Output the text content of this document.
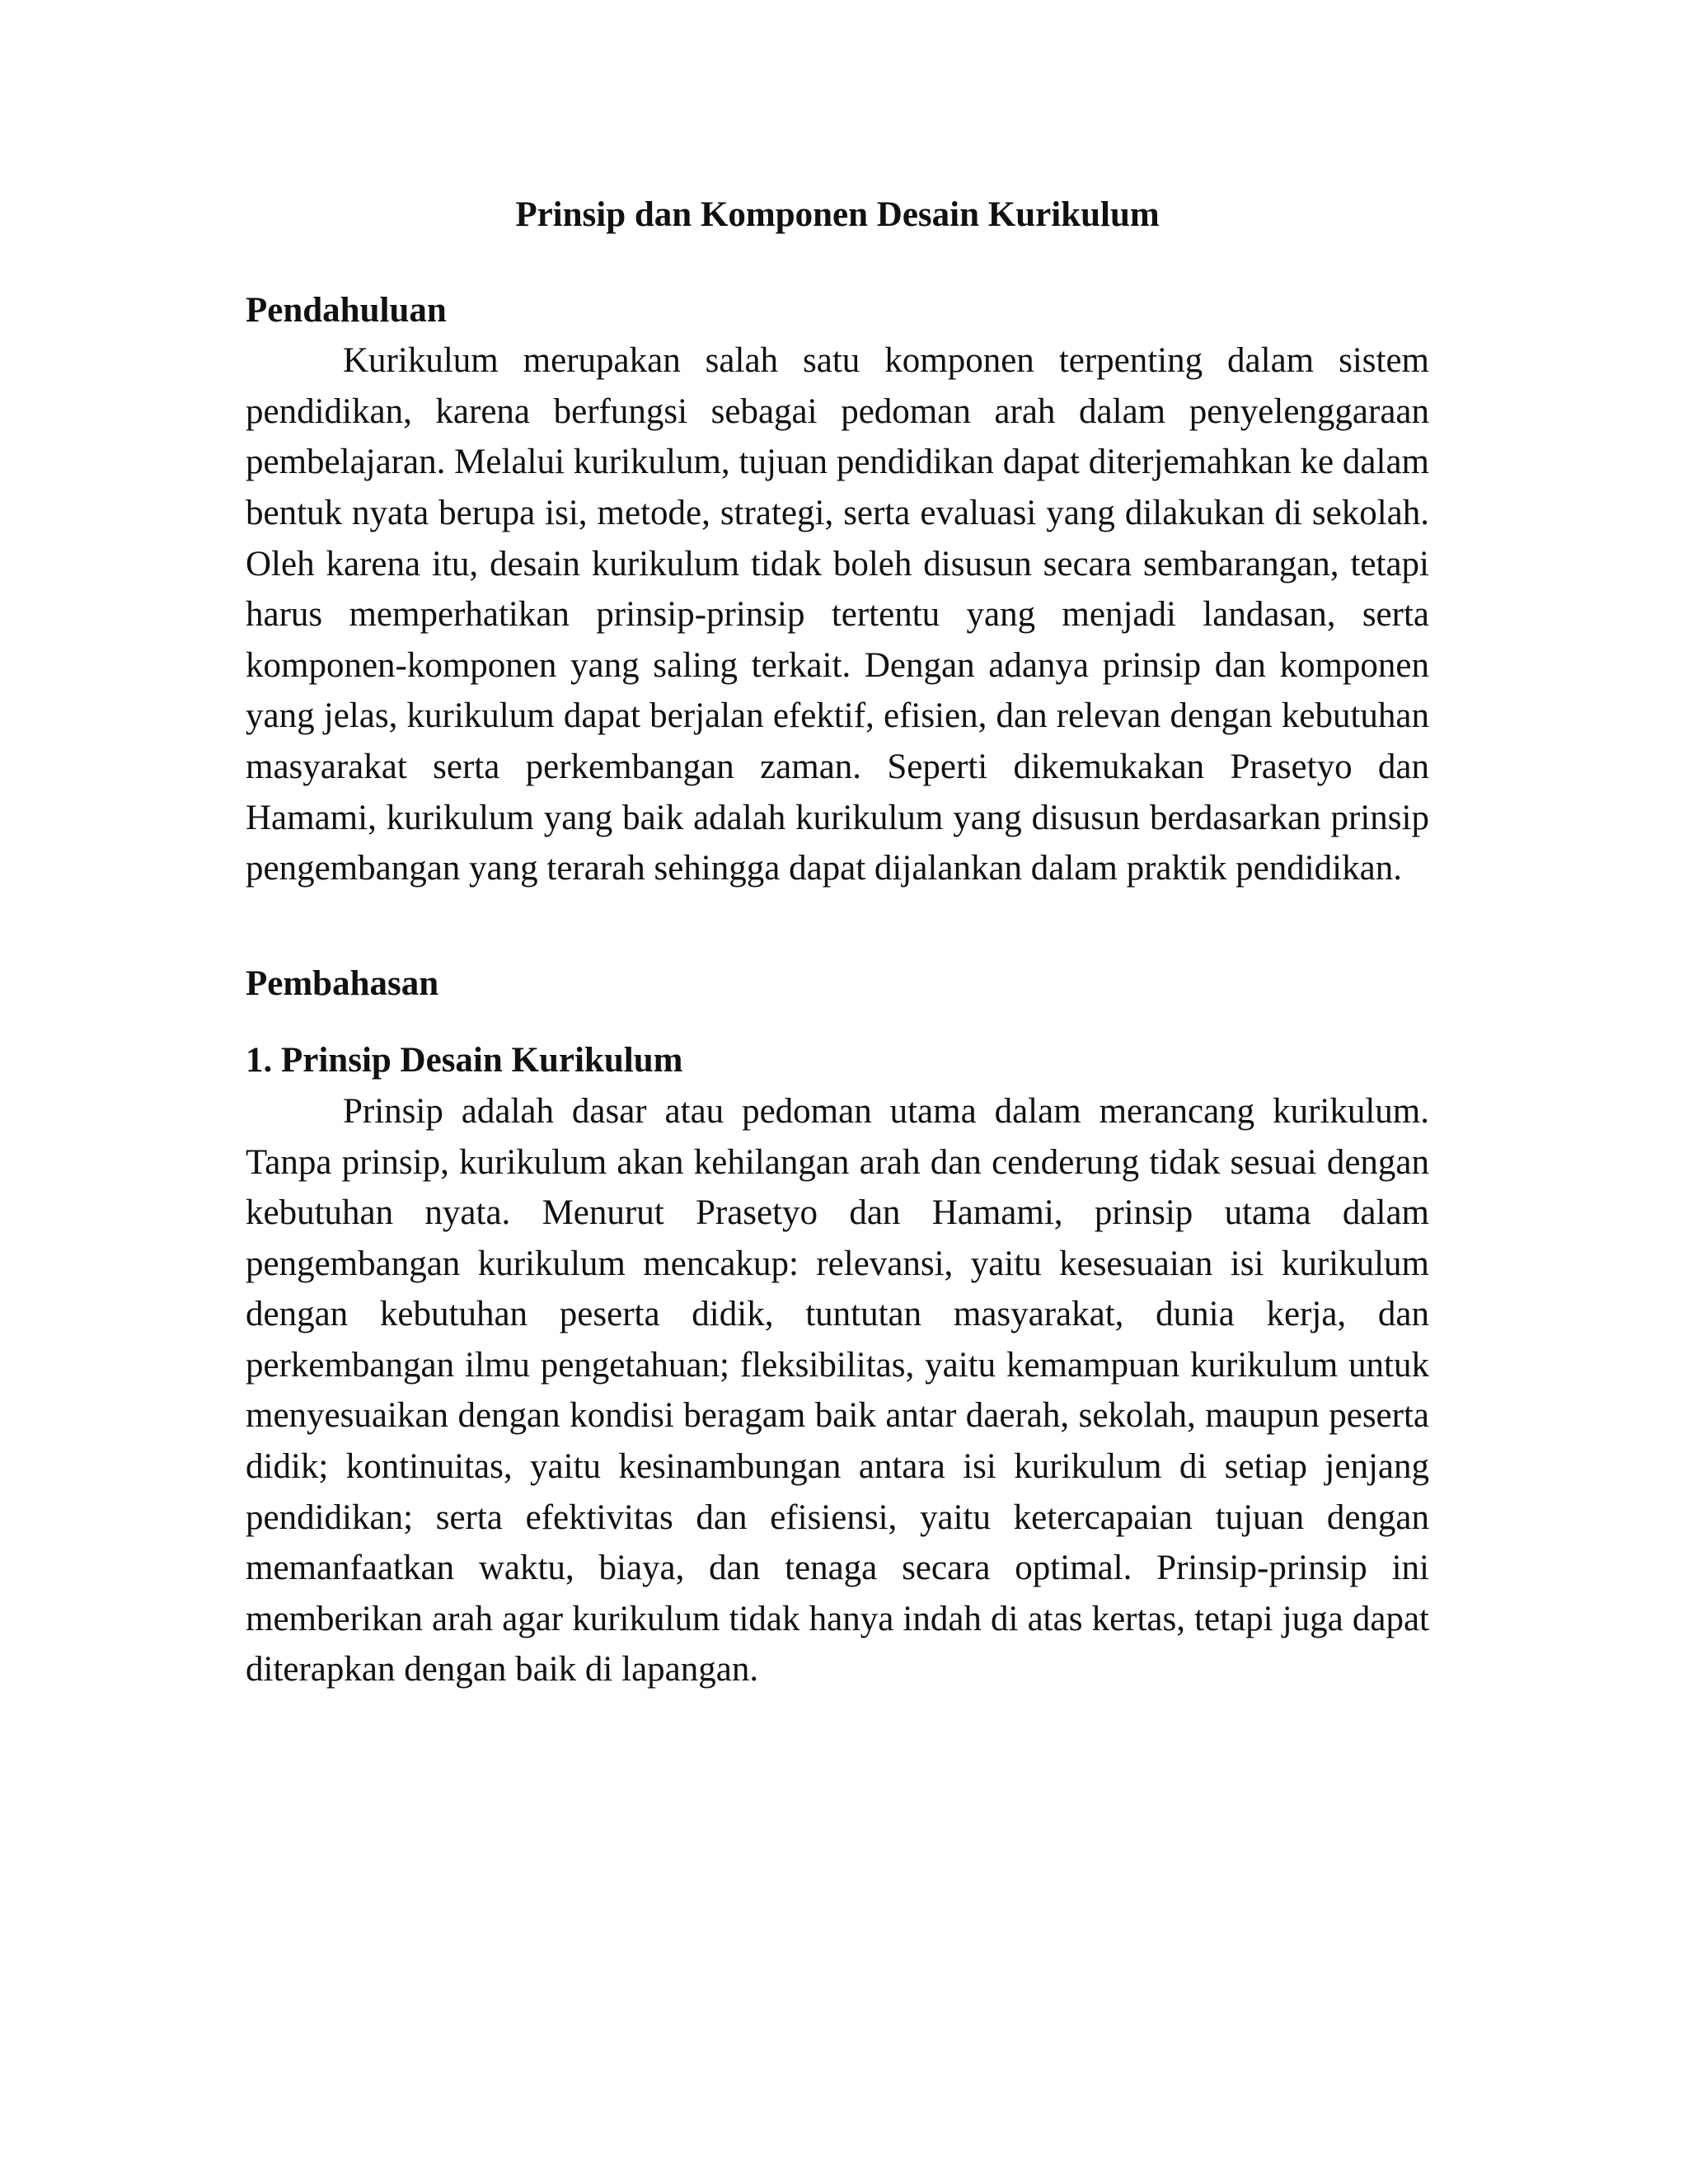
Prinsip dan Komponen Desain Kurikulum
Pendahuluan

Kurikulum merupakan salah satu komponen terpenting dalam sistem pendidikan, karena berfungsi sebagai pedoman arah dalam penyelenggaraan pembelajaran. Melalui kurikulum, tujuan pendidikan dapat diterjemahkan ke dalam bentuk nyata berupa isi, metode, strategi, serta evaluasi yang dilakukan di sekolah. Oleh karena itu, desain kurikulum tidak boleh disusun secara sembarangan, tetapi harus memperhatikan prinsip-prinsip tertentu yang menjadi landasan, serta komponen-komponen yang saling terkait. Dengan adanya prinsip dan komponen yang jelas, kurikulum dapat berjalan efektif, efisien, dan relevan dengan kebutuhan masyarakat serta perkembangan zaman. Seperti dikemukakan Prasetyo dan Hamami, kurikulum yang baik adalah kurikulum yang disusun berdasarkan prinsip pengembangan yang terarah sehingga dapat dijalankan dalam praktik pendidikan.

Pembahasan
1. Prinsip Desain Kurikulum

Prinsip adalah dasar atau pedoman utama dalam merancang kurikulum. Tanpa prinsip, kurikulum akan kehilangan arah dan cenderung tidak sesuai dengan kebutuhan nyata. Menurut Prasetyo dan Hamami, prinsip utama dalam pengembangan kurikulum mencakup: relevansi, yaitu kesesuaian isi kurikulum dengan kebutuhan peserta didik, tuntutan masyarakat, dunia kerja, dan perkembangan ilmu pengetahuan; fleksibilitas, yaitu kemampuan kurikulum untuk menyesuaikan dengan kondisi beragam baik antar daerah, sekolah, maupun peserta didik; kontinuitas, yaitu kesinambungan antara isi kurikulum di setiap jenjang pendidikan; serta efektivitas dan efisiensi, yaitu ketercapaian tujuan dengan memanfaatkan waktu, biaya, dan tenaga secara optimal. Prinsip-prinsip ini memberikan arah agar kurikulum tidak hanya indah di atas kertas, tetapi juga dapat diterapkan dengan baik di lapangan.
